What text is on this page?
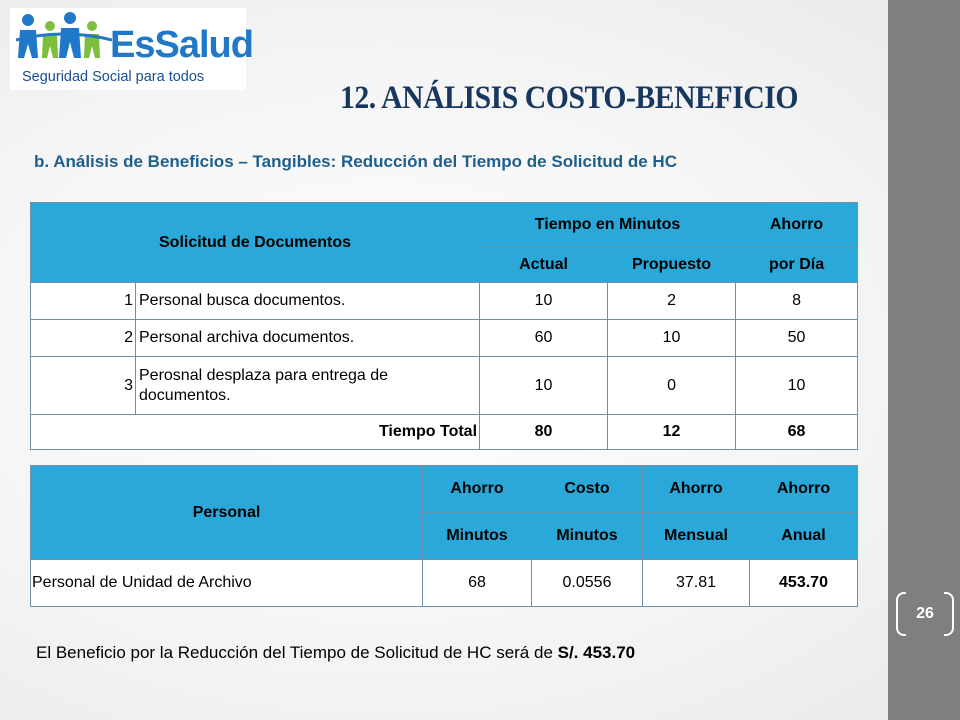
26
EsSalud
Seguridad Social para todos
12. ANÁLISIS COSTO-BENEFICIO
b. Análisis de Beneficios – Tangibles: Reducción del Tiempo de Solicitud de HC
Solicitud de Documentos		Tiempo en Minutos		Ahorro
		Actual	Propuesto	por Día
1	Personal busca documentos.	10	2	8
2	Personal archiva documentos.	60	10	50
3	Perosnal desplaza para entrega de documentos.	10	0	10
Tiempo Total		80	12	68
Personal	Ahorro	Costo	Ahorro	Ahorro
	Minutos	Minutos	Mensual	Anual
Personal de Unidad de Archivo	68	0.0556	37.81	453.70
El Beneficio por la Reducción del Tiempo de Solicitud de HC será de S/. 453.70
